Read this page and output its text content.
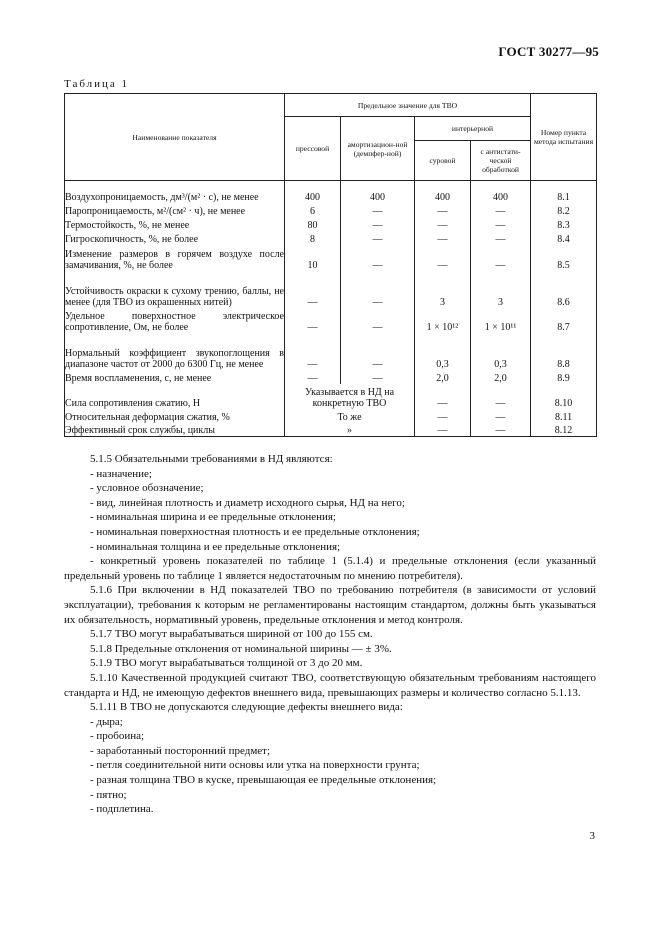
ГОСТ 30277—95
Таблица 1
Наименование показателя	Предельное значение для ТВО				Номер пункта метода испытания
	прессовой	амортизацион-ной (демпфер-ной)	интерьерной		
			суровой	с антистати-ческой обработкой	
Воздухопроницаемость, дм³/(м² · с), не менее	400	400	400	400	8.1
Паропроницаемость, м²/(см² · ч), не менее	6	—	—	—	8.2
Термостойкость, %, не менее	80	—	—	—	8.3
Гигроскопичность, %, не более	8	—	—	—	8.4
Изменение размеров в горячем воздухе после замачивания, %, не более	10	—	—	—	8.5
Устойчивость окраски к сухому трению, баллы, не менее (для ТВО из окрашенных нитей)	—	—	3	3	8.6
Удельное поверхностное электрическое сопротивление, Ом, не более	—	—	1 × 10¹²	1 × 10¹¹	8.7
Нормальный коэффициент звукопоглощения в диапазоне частот от 2000 до 6300 Гц, не менее	—	—	0,3	0,3	8.8
Время воспламенения, с, не менее	—	—	2,0	2,0	8.9
Сила сопротивления сжатию, Н	Указывается в НД на конкретную ТВО		—	—	8.10
Относительная деформация сжатия, %	То же		—	—	8.11
Эффективный срок службы, циклы	»		—	—	8.12

5.1.5 Обязательными требованиями в НД являются:

- назначение;

- условное обозначение;

- вид, линейная плотность и диаметр исходного сырья, НД на него;

- номинальная ширина и ее предельные отклонения;

- номинальная поверхностная плотность и ее предельные отклонения;

- номинальная толщина и ее предельные отклонения;

- конкретный уровень показателей по таблице 1 (5.1.4) и предельные отклонения (если указанный предельный уровень по таблице 1 является недостаточным по мнению потребителя).

5.1.6 При включении в НД показателей ТВО по требованию потребителя (в зависимости от условий эксплуатации), требования к которым не регламентированы настоящим стандартом, должны быть указываться их обязательность, нормативный уровень, предельные отклонения и метод контроля.

5.1.7 ТВО могут вырабатываться шириной от 100 до 155 см.

5.1.8 Предельные отклонения от номинальной ширины — ± 3%.

5.1.9 ТВО могут вырабатываться толщиной от 3 до 20 мм.

5.1.10 Качественной продукцией считают ТВО, соответствующую обязательным требованиям настоящего стандарта и НД, не имеющую дефектов внешнего вида, превышающих размеры и количество согласно 5.1.13.

5.1.11 В ТВО не допускаются следующие дефекты внешнего вида:

- дыра;

- пробоина;

- заработанный посторонний предмет;

- петля соединительной нити основы или утка на поверхности грунта;

- разная толщина ТВО в куске, превышающая ее предельные отклонения;

- пятно;

- подплетина.

3
